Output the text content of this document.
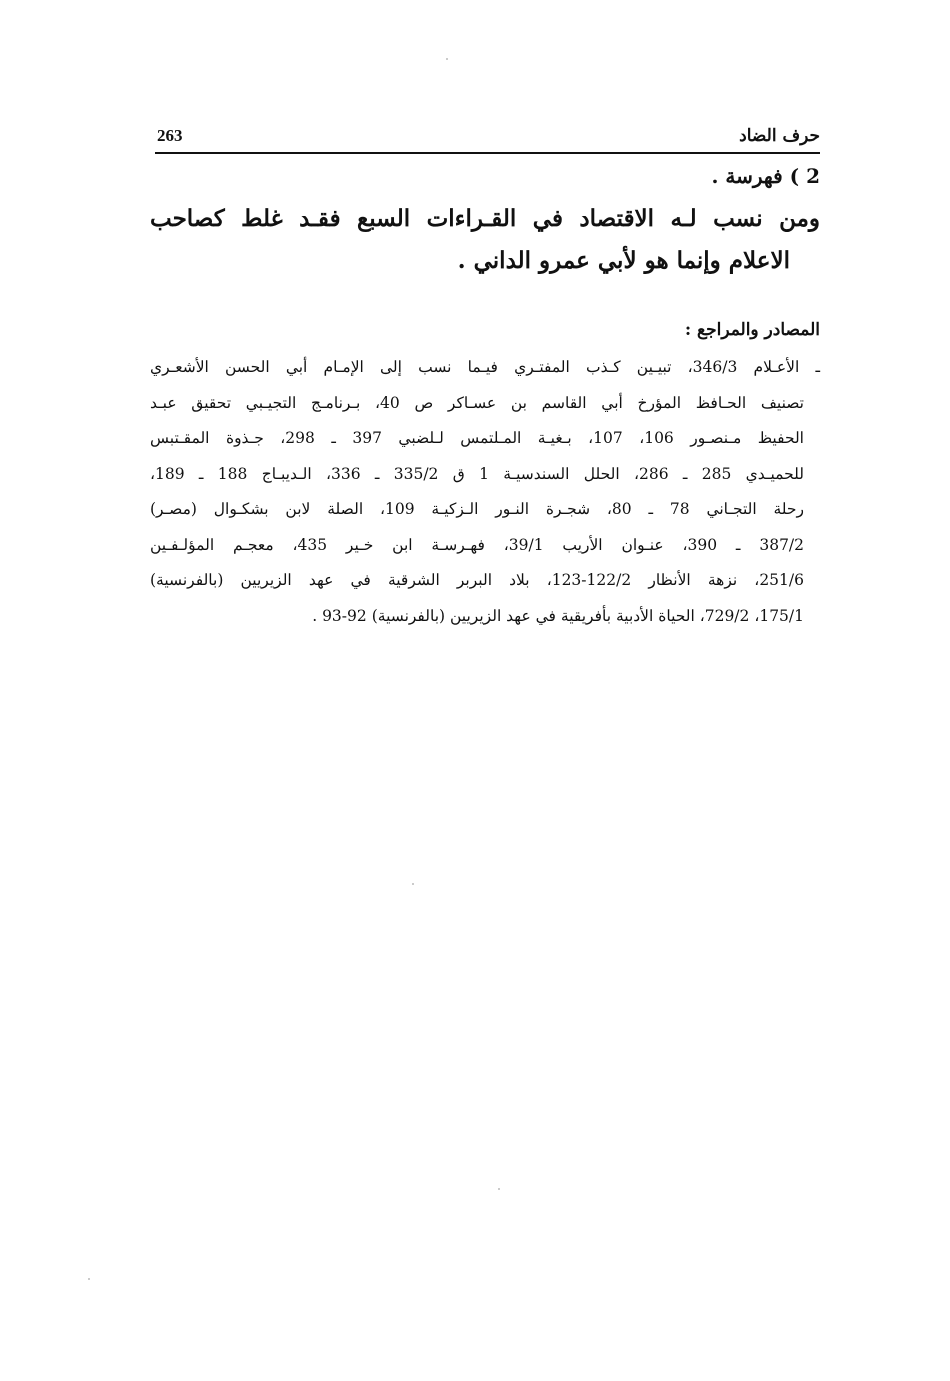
263	حرف الضاد
2 ) فهرسة .
ومن نسب لـه الاقتصاد في القـراءات السبع فقـد غلط كصاحب
الاعلام وإنما هو لأبي عمرو الداني .
المصادر والمراجع :
ـ الأعـلام 346/3، تبيـين كـذب المفتـري فيـما نسب إلى الإمـام أبي الحسن الأشعـري
تصنيف الحـافظ المؤرخ أبي القاسم بن عسـاكر ص 40، بـرنامـج التجيـبي تحقيق عبـد
الحفيظ مـنصـور 106، 107، بـغيـة المـلتمس لـلضبي 397 ـ 298، جـذوة المقـتبس
للحميـدي 285 ـ 286، الحلل السندسيـة 1 ق 335/2 ـ 336، الـديبـاج 188 ـ 189،
رحلة التجـاني 78 ـ 80، شجـرة النـور الـزكيـة 109، الصلة لابن بشكـوال (مصـر)
387/2 ـ 390، عنـوان الأريب 39/1، فهـرسـة ابن خـير 435، معجـم المؤلـفـين
251/6، نزهة الأنظار 122/2-123، بلاد البربر الشرقية في عهد الزيريين (بالفرنسية)
175/1، 729/2، الحياة الأدبية بأفريقية في عهد الزيريين (بالفرنسية) 92-93 .
